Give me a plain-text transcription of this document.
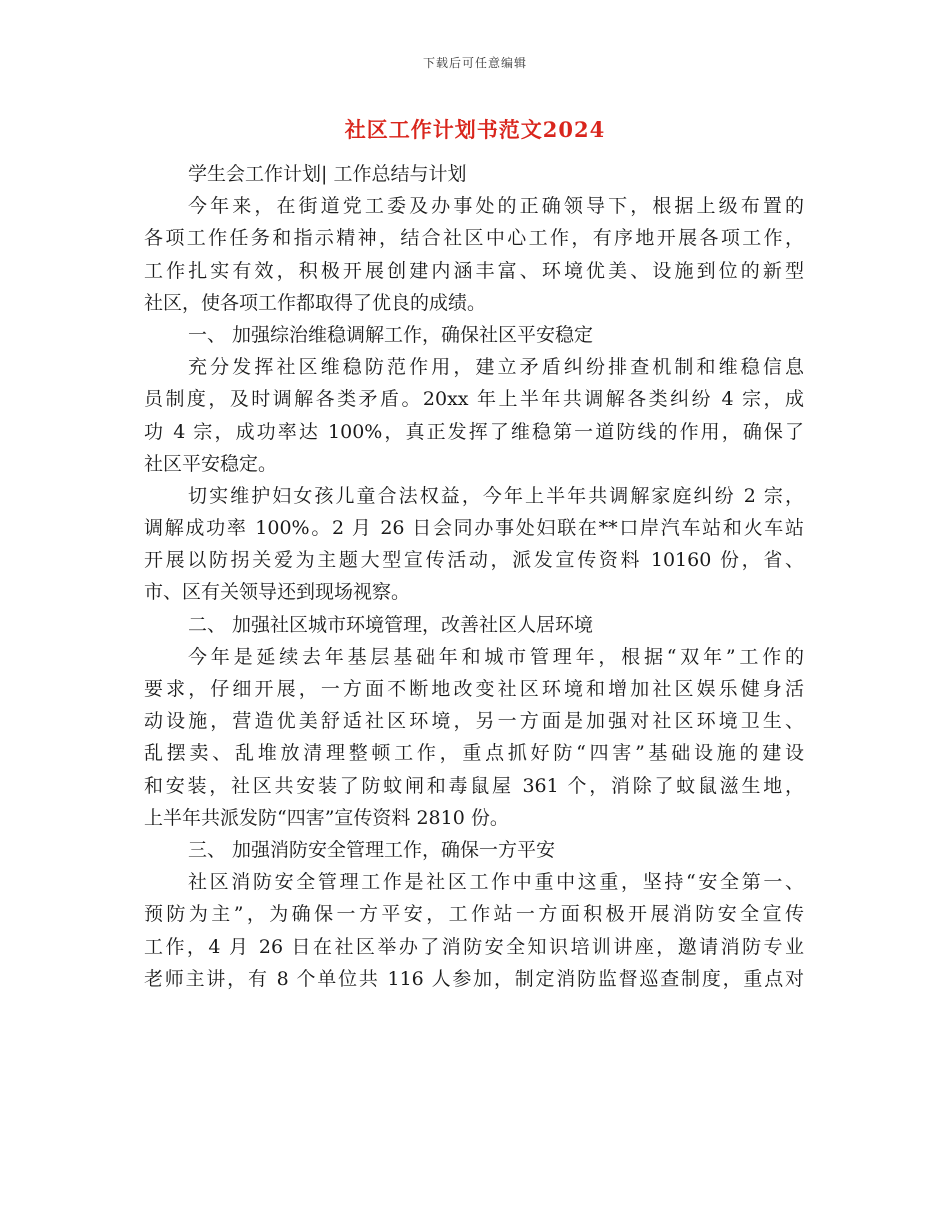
下载后可任意编辑
社区工作计划书范文2024
学生会工作计划| 工作总结与计划
今年来，在街道党工委及办事处的正确领导下，根据上级布置的
各项工作任务和指示精神，结合社区中心工作，有序地开展各项工作，
工作扎实有效，积极开展创建内涵丰富、环境优美、设施到位的新型
社区，使各项工作都取得了优良的成绩。
一、 加强综治维稳调解工作，确保社区平安稳定
充分发挥社区维稳防范作用，建立矛盾纠纷排查机制和维稳信息
员制度，及时调解各类矛盾。20xx 年上半年共调解各类纠纷 4 宗，成
功 4 宗，成功率达 100%，真正发挥了维稳第一道防线的作用，确保了
社区平安稳定。
切实维护妇女孩儿童合法权益，今年上半年共调解家庭纠纷 2 宗，
调解成功率 100%。2 月 26 日会同办事处妇联在**口岸汽车站和火车站
开展以防拐关爱为主题大型宣传活动，派发宣传资料 10160 份，省、
市、区有关领导还到现场视察。
二、 加强社区城市环境管理，改善社区人居环境
今年是延续去年基层基础年和城市管理年，根据“双年”工作的
要求，仔细开展，一方面不断地改变社区环境和增加社区娱乐健身活
动设施，营造优美舒适社区环境，另一方面是加强对社区环境卫生、
乱摆卖、乱堆放清理整顿工作，重点抓好防“四害”基础设施的建设
和安装，社区共安装了防蚊闸和毒鼠屋 361 个，消除了蚊鼠滋生地，
上半年共派发防“四害”宣传资料 2810 份。
三、 加强消防安全管理工作，确保一方平安
社区消防安全管理工作是社区工作中重中这重，坚持“安全第一、
预防为主”，为确保一方平安，工作站一方面积极开展消防安全宣传
工作，4 月 26 日在社区举办了消防安全知识培训讲座，邀请消防专业
老师主讲，有 8 个单位共 116 人参加，制定消防监督巡查制度，重点对
